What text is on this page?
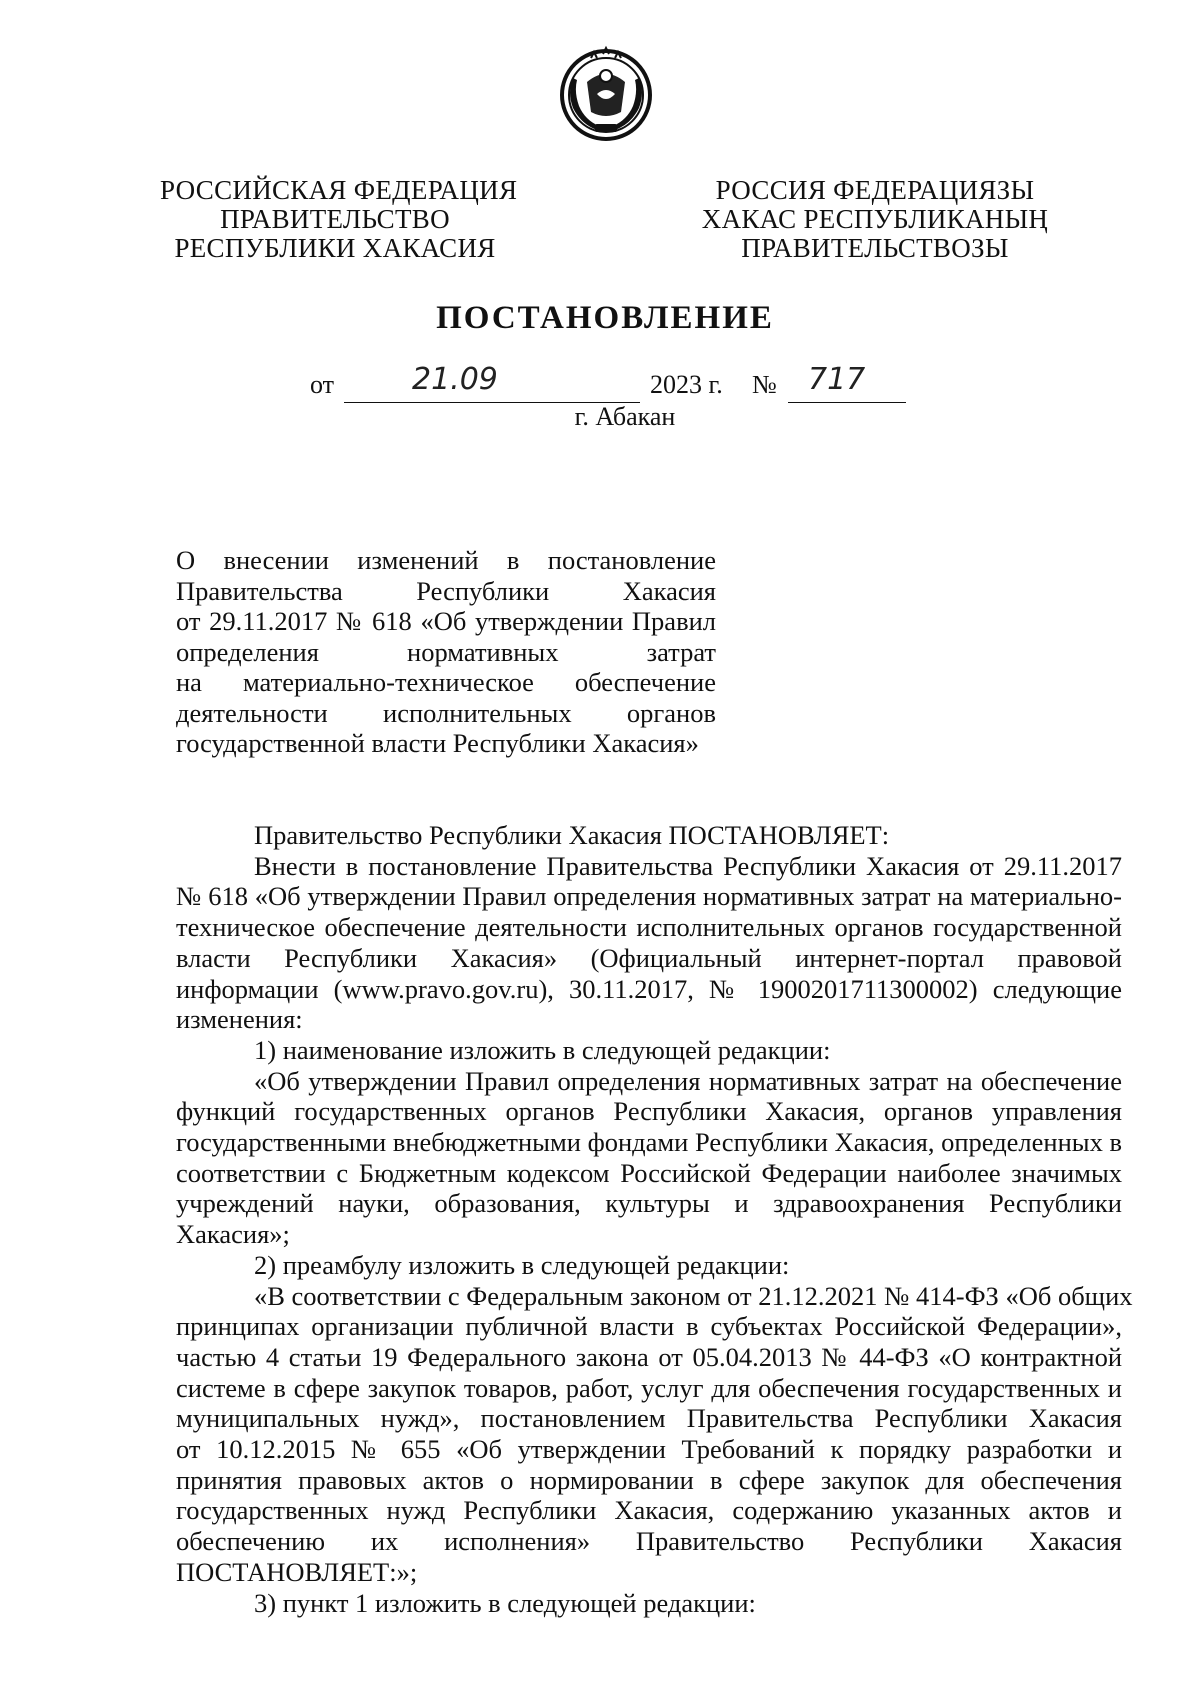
РОССИЙСКАЯ ФЕДЕРАЦИЯ
ПРАВИТЕЛЬСТВО
РЕСПУБЛИКИ ХАКАСИЯ
РОССИЯ ФЕДЕРАЦИЯЗЫ
ХАКАС РЕСПУБЛИКАНЫҢ
ПРАВИТЕЛЬСТВОЗЫ
ПОСТАНОВЛЕНИЕ
от	21.09	2023 г. № 717
г. Абакан
О внесении изменений в постановление
Правительства Республики Хакасия
от 29.11.2017 № 618 «Об утверждении Правил
определения нормативных затрат
на материально-техническое обеспечение
деятельности исполнительных органов
государственной власти Республики Хакасия»
Правительство Республики Хакасия ПОСТАНОВЛЯЕТ:
Внести в постановление Правительства Республики Хакасия от 29.11.2017
№ 618 «Об утверждении Правил определения нормативных затрат на материально-
техническое обеспечение деятельности исполнительных органов государственной
власти Республики Хакасия» (Официальный интернет-портал правовой
информации (www.pravo.gov.ru), 30.11.2017, № 1900201711300002) следующие
изменения:
1) наименование изложить в следующей редакции:
«Об утверждении Правил определения нормативных затрат на обеспечение
функций государственных органов Республики Хакасия, органов управления
государственными внебюджетными фондами Республики Хакасия, определенных в
соответствии с Бюджетным кодексом Российской Федерации наиболее значимых
учреждений науки, образования, культуры и здравоохранения Республики
Хакасия»;
2) преамбулу изложить в следующей редакции:
«В соответствии с Федеральным законом от 21.12.2021 № 414-ФЗ «Об общих
принципах организации публичной власти в субъектах Российской Федерации»,
частью 4 статьи 19 Федерального закона от 05.04.2013 № 44-ФЗ «О контрактной
системе в сфере закупок товаров, работ, услуг для обеспечения государственных и
муниципальных нужд», постановлением Правительства Республики Хакасия
от 10.12.2015 № 655 «Об утверждении Требований к порядку разработки и
принятия правовых актов о нормировании в сфере закупок для обеспечения
государственных нужд Республики Хакасия, содержанию указанных актов и
обеспечению их исполнения» Правительство Республики Хакасия
ПОСТАНОВЛЯЕТ:»;
3) пункт 1 изложить в следующей редакции:
